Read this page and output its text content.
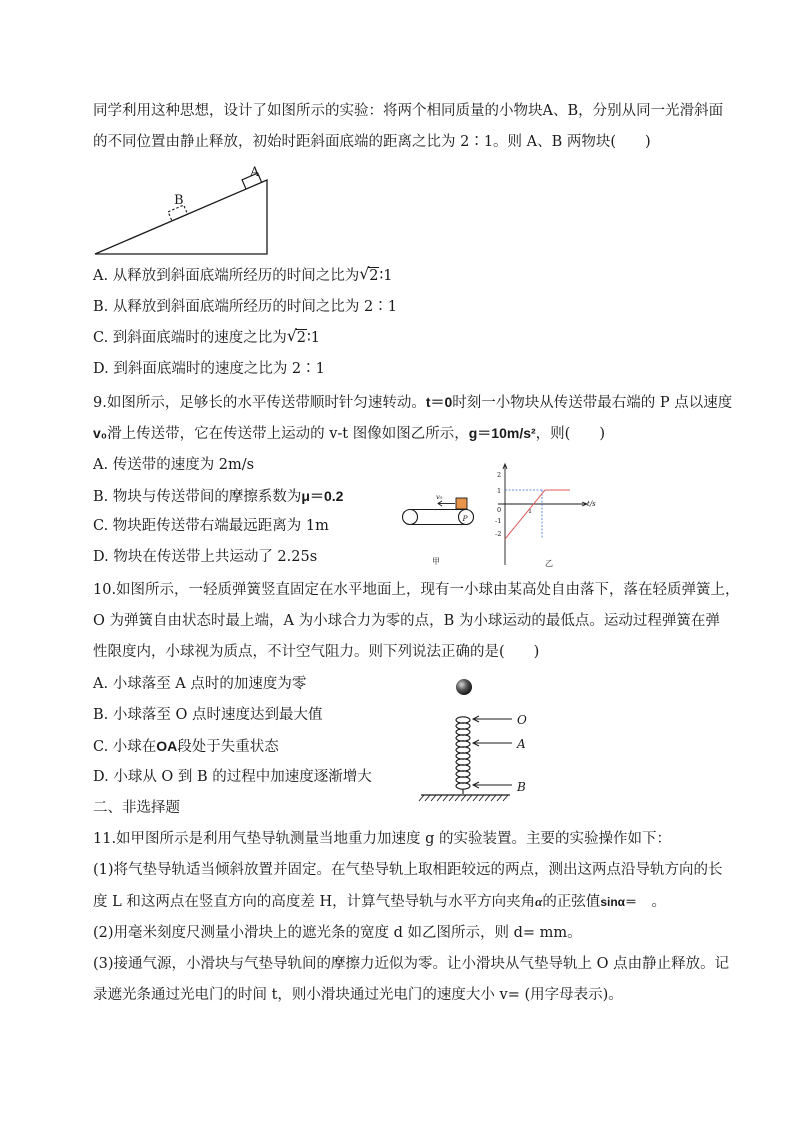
同学利用这种思想，设计了如图所示的实验：将两个相同质量的小物块A、B，分别从同一光滑斜面
的不同位置由静止释放，初始时距斜面底端的距离之比为 2∶1。则 A、B 两物块(　　)
A
B
A. 从释放到斜面底端所经历的时间之比为 √ 2∶1
B. 从释放到斜面底端所经历的时间之比为 2∶1
C. 到斜面底端时的速度之比为 √ 2∶1
D. 到斜面底端时的速度之比为 2∶1
9.如图所示，足够长的水平传送带顺时针匀速转动。t＝0时刻一小物块从传送带最右端的 P 点以速度
v₀滑上传送带，它在传送带上运动的 v-t 图像如图乙所示，g＝10m/s²，则(　　)
A. 传送带的速度为 2m/s
B. 物块与传送带间的摩擦系数为μ＝0.2
C. 物块距传送带右端最远距离为 1m
D. 物块在传送带上共运动了 2.25s
P
v₀
甲
t/s
2
1
0
-1
-2
1
乙
10.如图所示，一轻质弹簧竖直固定在水平地面上，现有一小球由某高处自由落下，落在轻质弹簧上，
O 为弹簧自由状态时最上端，A 为小球合力为零的点，B 为小球运动的最低点。运动过程弹簧在弹
性限度内，小球视为质点，不计空气阻力。则下列说法正确的是(　　)
A. 小球落至 A 点时的加速度为零
B. 小球落至 O 点时速度达到最大值
C. 小球在OA段处于失重状态
D. 小球从 O 到 B 的过程中加速度逐渐增大
O
A
B
二、非选择题
11.如甲图所示是利用气垫导轨测量当地重力加速度 g 的实验装置。主要的实验操作如下：
(1)将气垫导轨适当倾斜放置并固定。在气垫导轨上取相距较远的两点，测出这两点沿导轨方向的长
度 L 和这两点在竖直方向的高度差 H，计算气垫导轨与水平方向夹角α的正弦值sinα＝　。
(2)用毫米刻度尺测量小滑块上的遮光条的宽度 d 如乙图所示，则 d= mm。
(3)接通气源，小滑块与气垫导轨间的摩擦力近似为零。让小滑块从气垫导轨上 O 点由静止释放。记
录遮光条通过光电门的时间 t，则小滑块通过光电门的速度大小 v= (用字母表示)。
